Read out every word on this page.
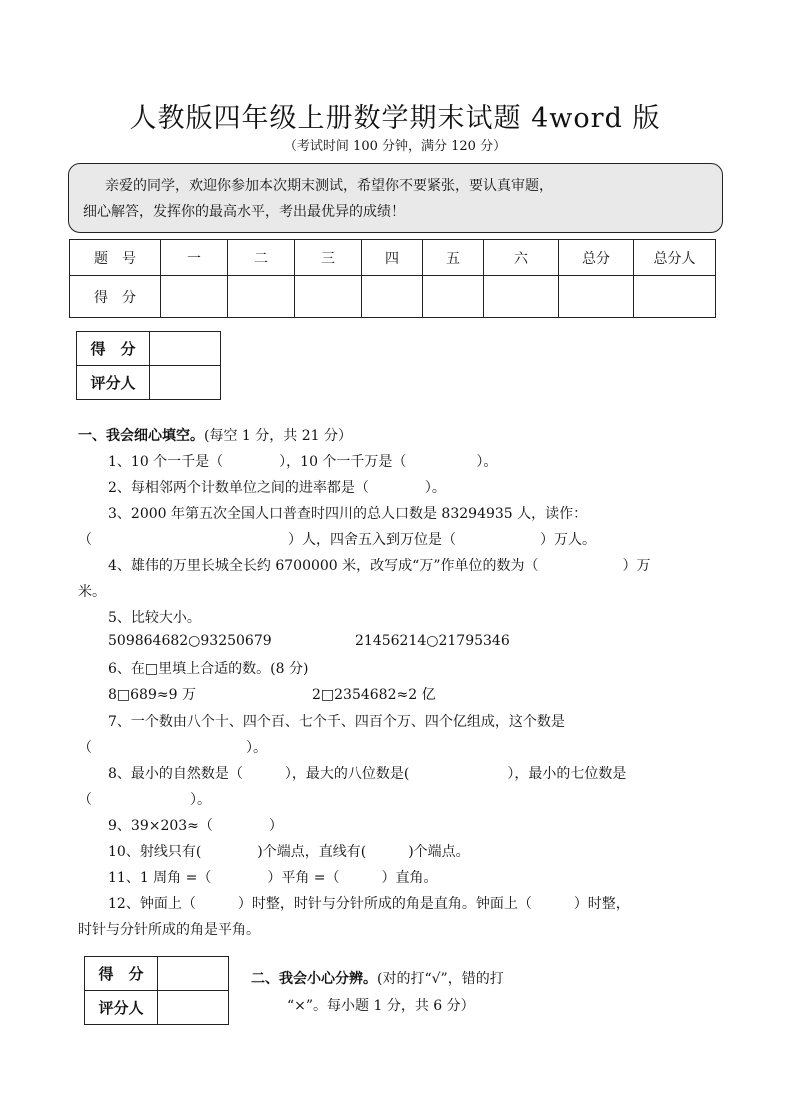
人教版四年级上册数学期末试题 4word 版
（考试时间 100 分钟，满分 120 分）
亲爱的同学，欢迎你参加本次期末测试，希望你不要紧张，要认真审题，
细心解答，发挥你的最高水平，考出最优异的成绩！
题　号	一	二	三	四	五	六	总分	总分人
得　分								
得　分	
评分人	
一、我会细心填空。(每空 1 分，共 21 分）
1、10 个一千是（　　　　），10 个一千万是（　　　　　）。
2、每相邻两个计数单位之间的进率都是（　　　　）。
3、2000 年第五次全国人口普查时四川的总人口数是 83294935 人，读作：
（　　　　　　　　　　　　　　）人，四舍五入到万位是（　　　　　　）万人。
4、雄伟的万里长城全长约 6700000 米，改写成“万”作单位的数为（　　　　　　）万
米。
5、比较大小。
509864682○93250679	21456214○21795346
6、在□里填上合适的数。(8 分)
8□689≈9 万	2□2354682≈2 亿
7、一个数由八个十、四个百、七个千、四百个万、四个亿组成，这个数是
（　　　　　　　　　　　）。
8、最小的自然数是（　　　），最大的八位数是(　　　　　　　），最小的七位数是
（　　　　　　　）。
9、39×203≈（　　　　）
10、射线只有(　　　　)个端点，直线有(　　　)个端点。
11、1 周角 =（　　　　）平角 =（　　　）直角。
12、钟面上（　　　）时整，时针与分针所成的角是直角。钟面上（　　　）时整，
时针与分针所成的角是平角。
得　分	
评分人	
二、我会小心分辨。(对的打“√”，错的打
“×”。每小题 1 分，共 6 分）
